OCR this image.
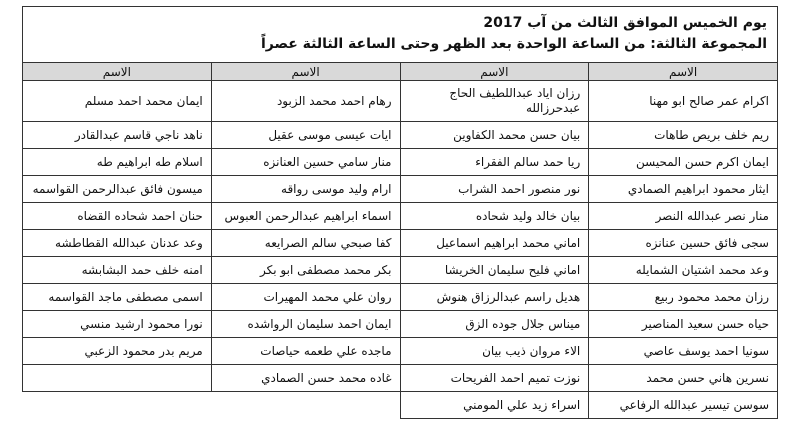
يوم الخميس الموافق الثالث من آب 2017
المجموعة الثالثة: من الساعة الواحدة بعد الظهر وحتى الساعة الثالثة عصراً
الاسم	الاسم	الاسم	الاسم
اكرام عمر صالح ابو مهنا	رزان اياد عبداللطيف الحاج عبدحرزالله	رهام احمد محمد الزبود	ايمان محمد احمد مسلم
ريم خلف بريص طاهات	بيان حسن محمد الكفاوين	ايات عيسى موسى عقيل	ناهد ناجي قاسم عبدالقادر
ايمان اكرم حسن المحيسن	ريا حمد سالم الفقراء	منار سامي حسين العنانزه	اسلام طه ابراهيم طه
ايثار محمود ابراهيم الصمادي	نور منصور احمد الشراب	ارام وليد موسى رواقه	ميسون فائق عبدالرحمن القواسمه
منار نصر عبدالله النصر	بيان خالد وليد شحاده	اسماء ابراهيم عبدالرحمن العبوس	حنان احمد شحاده القضاه
سجى فائق حسين عنانزه	اماني محمد ابراهيم اسماعيل	كفا صبحي سالم الصرايعه	وعد عدنان عبدالله القطاطشه
وعد محمد اشتيان الشمايله	اماني فليح سليمان الخريشا	بكر محمد مصطفى ابو بكر	امنه خلف حمد البشابشه
رزان محمد محمود ربيع	هديل راسم عبدالرزاق هنوش	روان علي محمد المهيرات	اسمى مصطفى ماجد القواسمه
حياه حسن سعيد المناصير	ميناس جلال جوده الزق	ايمان احمد سليمان الرواشده	نورا محمود ارشيد منسي
سونيا احمد يوسف عاصي	الاء مروان ذيب بيان	ماجده علي طعمه حياصات	مريم بدر محمود الزعبي
نسرين هاني حسن محمد	نوزت تميم احمد الفريحات	غاده محمد حسن الصمادي	
سوسن تيسير عبدالله الرفاعي	اسراء زيد علي المومني		
